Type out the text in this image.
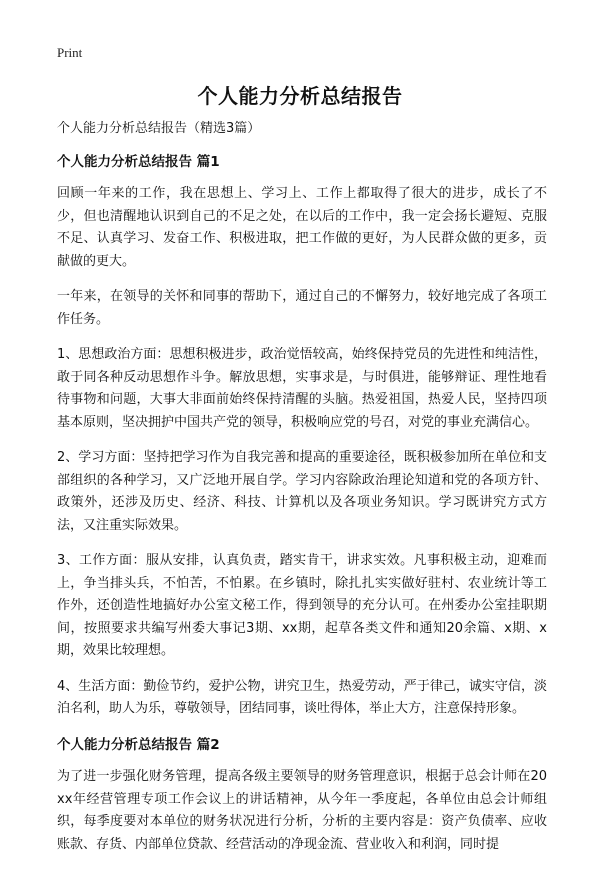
Print
个人能力分析总结报告

个人能力分析总结报告（精选3篇）

个人能力分析总结报告 篇1

回顾一年来的工作，我在思想上、学习上、工作上都取得了很大的进步，成长了不少，但也清醒地认识到自己的不足之处，在以后的工作中，我一定会扬长避短、克服不足、认真学习、发奋工作、积极进取，把工作做的更好，为人民群众做的更多，贡献做的更大。

一年来，在领导的关怀和同事的帮助下，通过自己的不懈努力，较好地完成了各项工作任务。

1、思想政治方面：思想积极进步，政治觉悟较高，始终保持党员的先进性和纯洁性，敢于同各种反动思想作斗争。解放思想，实事求是，与时俱进，能够辩证、理性地看待事物和问题，大事大非面前始终保持清醒的头脑。热爱祖国，热爱人民，坚持四项基本原则，坚决拥护中国共产党的领导，积极响应党的号召，对党的事业充满信心。

2、学习方面：坚持把学习作为自我完善和提高的重要途径，既积极参加所在单位和支部组织的各种学习，又广泛地开展自学。学习内容除政治理论知道和党的各项方针、政策外，还涉及历史、经济、科技、计算机以及各项业务知识。学习既讲究方式方法，又注重实际效果。

3、工作方面：服从安排，认真负责，踏实肯干，讲求实效。凡事积极主动，迎难而上，争当排头兵，不怕苦，不怕累。在乡镇时，除扎扎实实做好驻村、农业统计等工作外，还创造性地搞好办公室文秘工作，得到领导的充分认可。在州委办公室挂职期间，按照要求共编写州委大事记3期、xx期，起草各类文件和通知20余篇、x期、x期，效果比较理想。

4、生活方面：勤俭节约，爱护公物，讲究卫生，热爱劳动，严于律己，诚实守信，淡泊名利，助人为乐，尊敬领导，团结同事，谈吐得体，举止大方，注意保持形象。

个人能力分析总结报告 篇2

为了进一步强化财务管理，提高各级主要领导的财务管理意识，根据于总会计师在20xx年经营管理专项工作会议上的讲话精神，从今年一季度起，各单位由总会计师组织，每季度要对本单位的财务状况进行分析，分析的主要内容是：资产负债率、应收账款、存货、内部单位贷款、经营活动的净现金流、营业收入和利润，同时提
